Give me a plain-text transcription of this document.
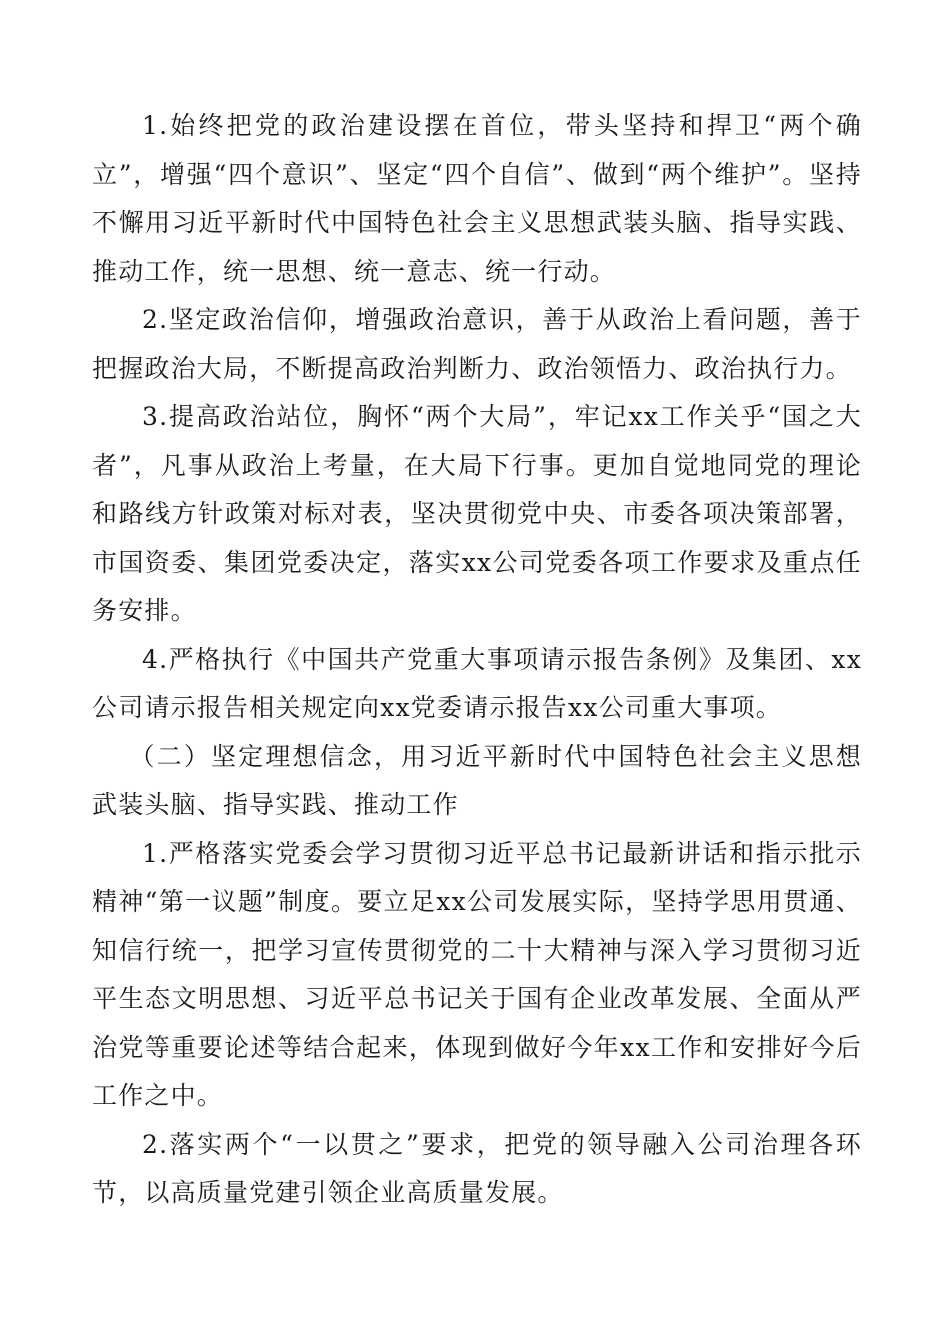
1.始终把党的政治建设摆在首位，带头坚持和捍卫“两个确立”，增强“四个意识”、坚定“四个自信”、做到“两个维护”。坚持不懈用习近平新时代中国特色社会主义思想武装头脑、指导实践、推动工作，统一思想、统一意志、统一行动。

2.坚定政治信仰，增强政治意识，善于从政治上看问题，善于把握政治大局，不断提高政治判断力、政治领悟力、政治执行力。

3.提高政治站位，胸怀“两个大局”，牢记xx工作关乎“国之大者”，凡事从政治上考量，在大局下行事。更加自觉地同党的理论和路线方针政策对标对表，坚决贯彻党中央、市委各项决策部署，市国资委、集团党委决定，落实xx公司党委各项工作要求及重点任务安排。

4.严格执行《中国共产党重大事项请示报告条例》及集团、xx公司请示报告相关规定向xx党委请示报告xx公司重大事项。

（二）坚定理想信念，用习近平新时代中国特色社会主义思想武装头脑、指导实践、推动工作

1.严格落实党委会学习贯彻习近平总书记最新讲话和指示批示精神“第一议题”制度。要立足xx公司发展实际，坚持学思用贯通、知信行统一，把学习宣传贯彻党的二十大精神与深入学习贯彻习近平生态文明思想、习近平总书记关于国有企业改革发展、全面从严治党等重要论述等结合起来，体现到做好今年xx工作和安排好今后工作之中。

2.落实两个“一以贯之”要求，把党的领导融入公司治理各环节，以高质量党建引领企业高质量发展。
